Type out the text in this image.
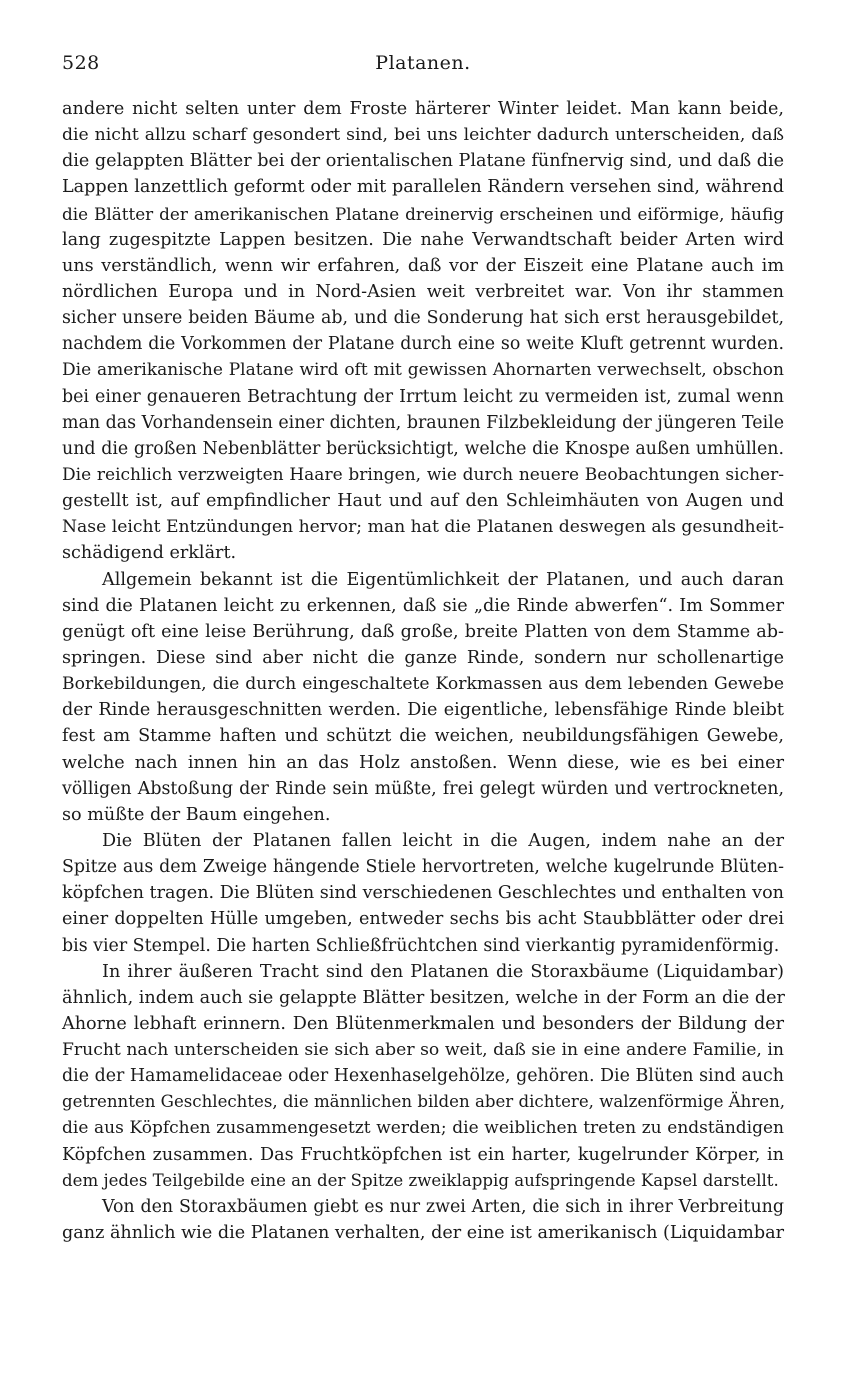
528	Platanen.
andere nicht selten unter dem Froste härterer Winter leidet. Man kann beide,
die nicht allzu scharf gesondert sind, bei uns leichter dadurch unterscheiden, daß
die gelappten Blätter bei der orientalischen Platane fünfnervig sind, und daß die
Lappen lanzettlich geformt oder mit parallelen Rändern versehen sind, während
die Blätter der amerikanischen Platane dreinervig erscheinen und eiförmige, häufig
lang zugespitzte Lappen besitzen. Die nahe Verwandtschaft beider Arten wird
uns verständlich, wenn wir erfahren, daß vor der Eiszeit eine Platane auch im
nördlichen Europa und in Nord-Asien weit verbreitet war. Von ihr stammen
sicher unsere beiden Bäume ab, und die Sonderung hat sich erst herausgebildet,
nachdem die Vorkommen der Platane durch eine so weite Kluft getrennt wurden.
Die amerikanische Platane wird oft mit gewissen Ahornarten verwechselt, obschon
bei einer genaueren Betrachtung der Irrtum leicht zu vermeiden ist, zumal wenn
man das Vorhandensein einer dichten, braunen Filzbekleidung der jüngeren Teile
und die großen Nebenblätter berücksichtigt, welche die Knospe außen umhüllen.
Die reichlich verzweigten Haare bringen, wie durch neuere Beobachtungen sicher-
gestellt ist, auf empfindlicher Haut und auf den Schleimhäuten von Augen und
Nase leicht Entzündungen hervor; man hat die Platanen deswegen als gesundheit-
schädigend erklärt.
Allgemein bekannt ist die Eigentümlichkeit der Platanen, und auch daran
sind die Platanen leicht zu erkennen, daß sie „die Rinde abwerfen“. Im Sommer
genügt oft eine leise Berührung, daß große, breite Platten von dem Stamme ab-
springen. Diese sind aber nicht die ganze Rinde, sondern nur schollenartige
Borkebildungen, die durch eingeschaltete Korkmassen aus dem lebenden Gewebe
der Rinde herausgeschnitten werden. Die eigentliche, lebensfähige Rinde bleibt
fest am Stamme haften und schützt die weichen, neubildungsfähigen Gewebe,
welche nach innen hin an das Holz anstoßen. Wenn diese, wie es bei einer
völligen Abstoßung der Rinde sein müßte, frei gelegt würden und vertrockneten,
so müßte der Baum eingehen.
Die Blüten der Platanen fallen leicht in die Augen, indem nahe an der
Spitze aus dem Zweige hängende Stiele hervortreten, welche kugelrunde Blüten-
köpfchen tragen. Die Blüten sind verschiedenen Geschlechtes und enthalten von
einer doppelten Hülle umgeben, entweder sechs bis acht Staubblätter oder drei
bis vier Stempel. Die harten Schließfrüchtchen sind vierkantig pyramidenförmig.
In ihrer äußeren Tracht sind den Platanen die Storaxbäume (Liquidambar)
ähnlich, indem auch sie gelappte Blätter besitzen, welche in der Form an die der
Ahorne lebhaft erinnern. Den Blütenmerkmalen und besonders der Bildung der
Frucht nach unterscheiden sie sich aber so weit, daß sie in eine andere Familie, in
die der Hamamelidaceae oder Hexenhaselgehölze, gehören. Die Blüten sind auch
getrennten Geschlechtes, die männlichen bilden aber dichtere, walzenförmige Ähren,
die aus Köpfchen zusammengesetzt werden; die weiblichen treten zu endständigen
Köpfchen zusammen. Das Fruchtköpfchen ist ein harter, kugelrunder Körper, in
dem jedes Teilgebilde eine an der Spitze zweiklappig aufspringende Kapsel darstellt.
Von den Storaxbäumen giebt es nur zwei Arten, die sich in ihrer Verbreitung
ganz ähnlich wie die Platanen verhalten, der eine ist amerikanisch (Liquidambar
